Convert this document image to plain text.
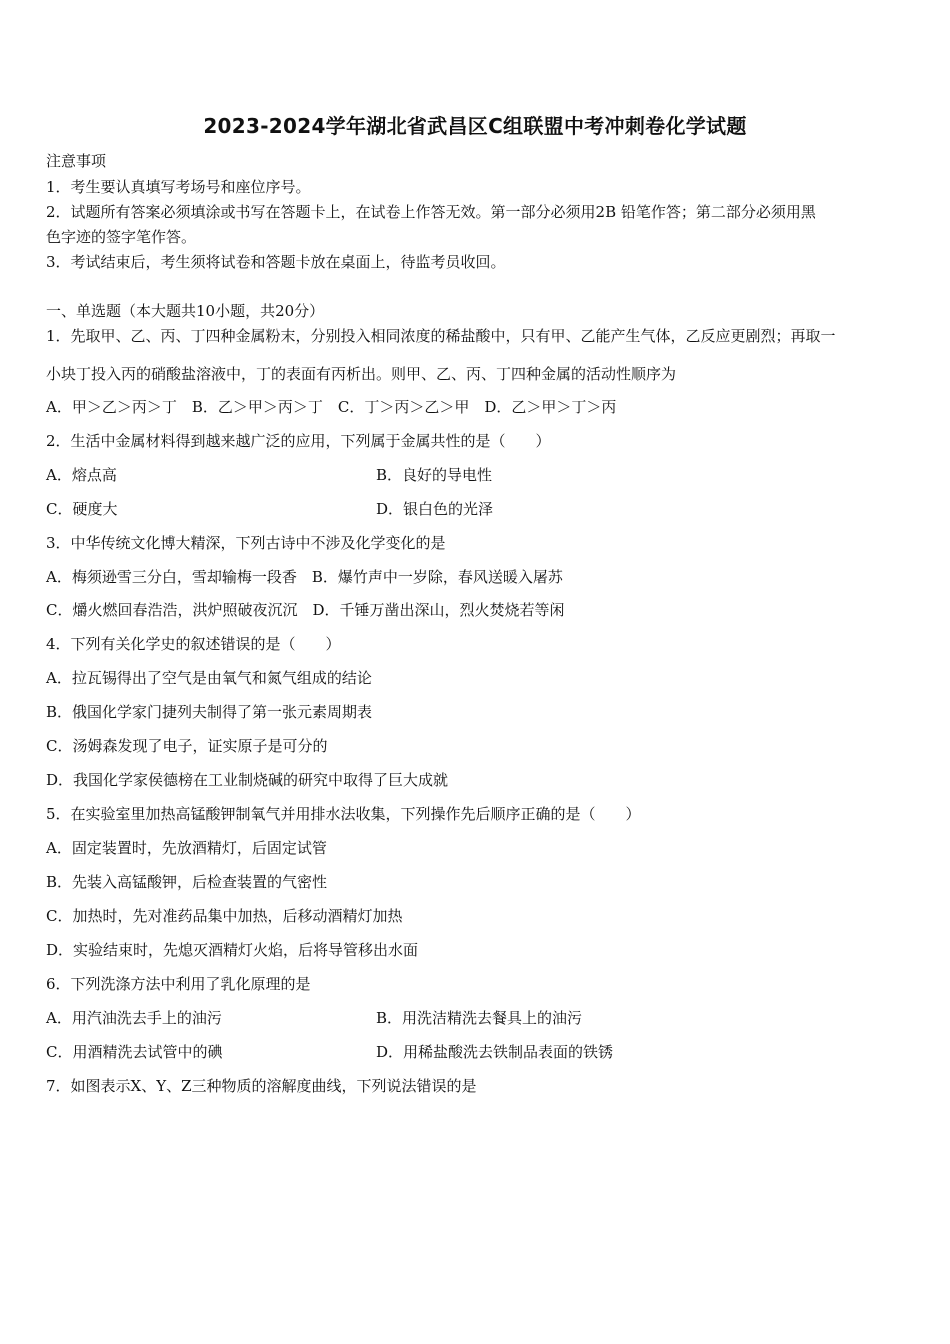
2023-2024学年湖北省武昌区C组联盟中考冲刺卷化学试题
注意事项
1．考生要认真填写考场号和座位序号。
2．试题所有答案必须填涂或书写在答题卡上，在试卷上作答无效。第一部分必须用2B 铅笔作答；第二部分必须用黑
色字迹的签字笔作答。
3．考试结束后，考生须将试卷和答题卡放在桌面上，待监考员收回。
一、单选题（本大题共10小题，共20分）
1．先取甲、乙、丙、丁四种金属粉末，分别投入相同浓度的稀盐酸中，只有甲、乙能产生气体，乙反应更剧烈；再取一
小块丁投入丙的硝酸盐溶液中，丁的表面有丙析出。则甲、乙、丙、丁四种金属的活动性顺序为
A．甲＞乙＞丙＞丁　B．乙＞甲＞丙＞丁　C．丁＞丙＞乙＞甲　D．乙＞甲＞丁＞丙
2．生活中金属材料得到越来越广泛的应用，下列属于金属共性的是（　　）
A．熔点高	B．良好的导电性
C．硬度大	D．银白色的光泽
3．中华传统文化博大精深，下列古诗中不涉及化学变化的是
A．梅须逊雪三分白，雪却输梅一段香　B．爆竹声中一岁除，春风送暖入屠苏
C．爝火燃回春浩浩，洪炉照破夜沉沉　D．千锤万凿出深山，烈火焚烧若等闲
4．下列有关化学史的叙述错误的是（　　）
A．拉瓦锡得出了空气是由氧气和氮气组成的结论
B．俄国化学家门捷列夫制得了第一张元素周期表
C．汤姆森发现了电子，证实原子是可分的
D．我国化学家侯德榜在工业制烧碱的研究中取得了巨大成就
5．在实验室里加热高锰酸钾制氧气并用排水法收集，下列操作先后顺序正确的是（　　）
A．固定装置时，先放酒精灯，后固定试管
B．先装入高锰酸钾，后检查装置的气密性
C．加热时，先对准药品集中加热，后移动酒精灯加热
D．实验结束时，先熄灭酒精灯火焰，后将导管移出水面
6．下列洗涤方法中利用了乳化原理的是
A．用汽油洗去手上的油污	B．用洗洁精洗去餐具上的油污
C．用酒精洗去试管中的碘	D．用稀盐酸洗去铁制品表面的铁锈
7．如图表示X、Y、Z三种物质的溶解度曲线，下列说法错误的是
